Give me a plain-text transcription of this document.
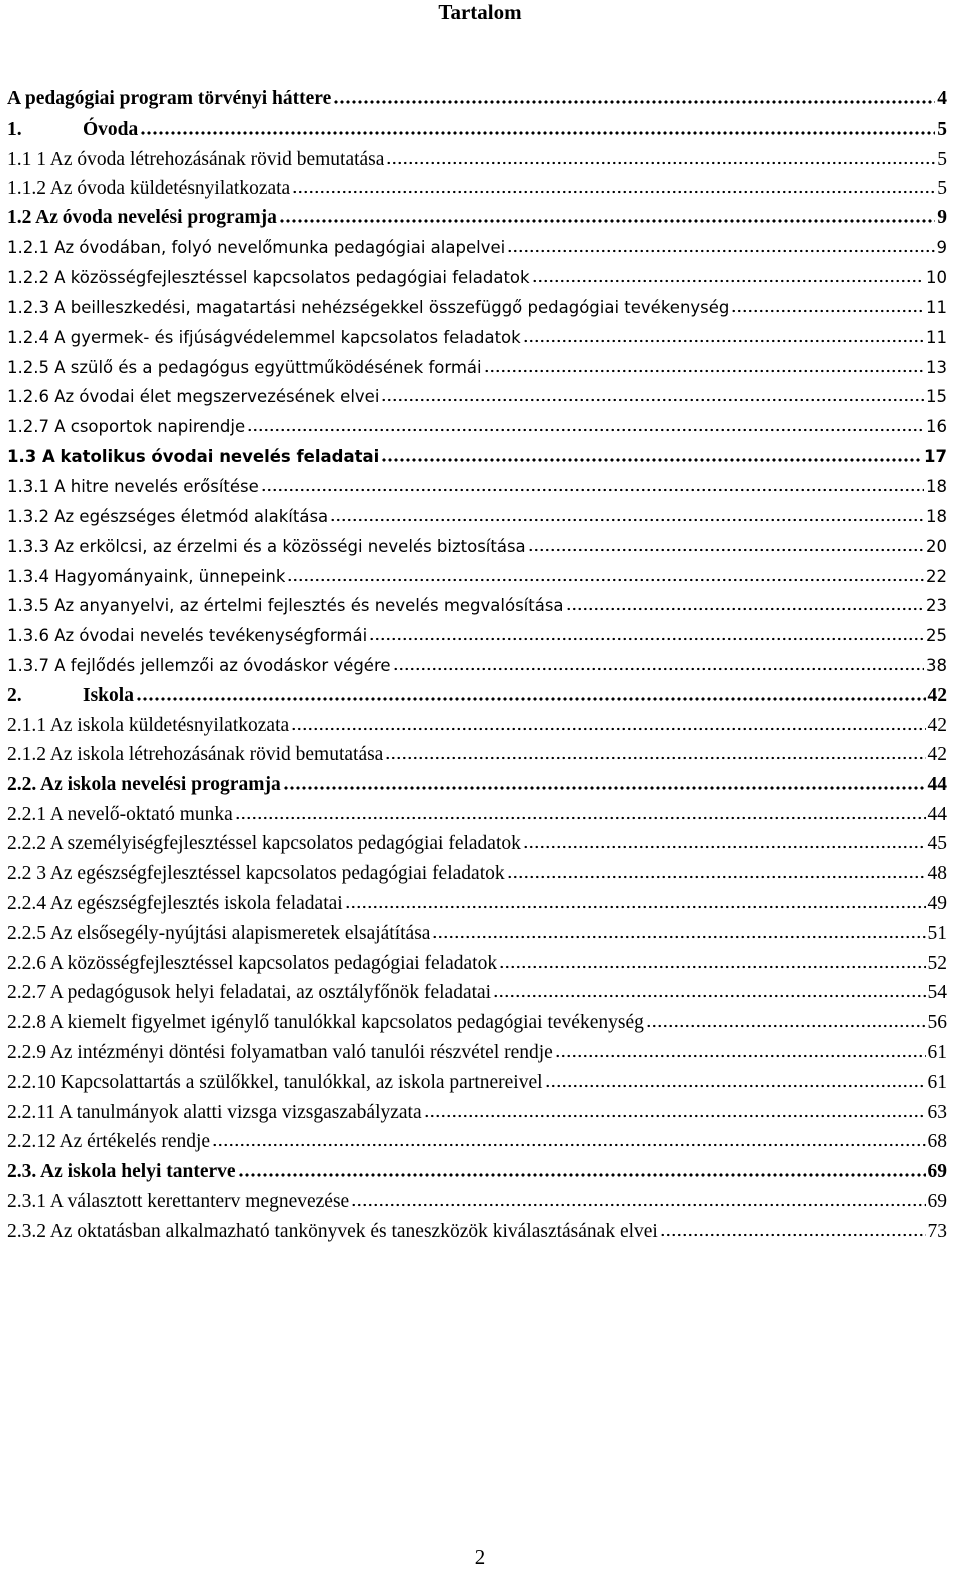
Tartalom
A pedagógiai program törvényi háttere	4
1.	Óvoda	5
1.1 1 Az óvoda létrehozásának rövid bemutatása	5
1.1.2 Az óvoda küldetésnyilatkozata	5
1.2 Az óvoda nevelési programja	9
1.2.1 Az óvodában, folyó nevelőmunka pedagógiai alapelvei	9
1.2.2 A közösségfejlesztéssel kapcsolatos pedagógiai feladatok	10
1.2.3 A beilleszkedési, magatartási nehézségekkel összefüggő pedagógiai tevékenység	11
1.2.4 A gyermek- és ifjúságvédelemmel kapcsolatos feladatok	11
1.2.5 A szülő és a pedagógus együttműködésének formái	13
1.2.6 Az óvodai élet megszervezésének elvei	15
1.2.7 A csoportok napirendje	16
1.3 A katolikus óvodai nevelés feladatai	17
1.3.1 A hitre nevelés erősítése	18
1.3.2 Az egészséges életmód alakítása	18
1.3.3 Az erkölcsi, az érzelmi és a közösségi nevelés biztosítása	20
1.3.4 Hagyományaink, ünnepeink	22
1.3.5 Az anyanyelvi, az értelmi fejlesztés és nevelés megvalósítása	23
1.3.6 Az óvodai nevelés tevékenységformái	25
1.3.7 A fejlődés jellemzői az óvodáskor végére	38
2.	Iskola	42
2.1.1 Az iskola küldetésnyilatkozata	42
2.1.2 Az iskola létrehozásának rövid bemutatása	42
2.2. Az iskola nevelési programja	44
2.2.1 A nevelő-oktató munka	44
2.2.2 A személyiségfejlesztéssel kapcsolatos pedagógiai feladatok	45
2.2 3 Az egészségfejlesztéssel kapcsolatos pedagógiai feladatok	48
2.2.4 Az egészségfejlesztés iskola feladatai	49
2.2.5 Az elsősegély-nyújtási alapismeretek elsajátítása	51
2.2.6 A közösségfejlesztéssel kapcsolatos pedagógiai feladatok	52
2.2.7 A pedagógusok helyi feladatai, az osztályfőnök feladatai	54
2.2.8 A kiemelt figyelmet igénylő tanulókkal kapcsolatos pedagógiai tevékenység	56
2.2.9 Az intézményi döntési folyamatban való tanulói részvétel rendje	61
2.2.10 Kapcsolattartás a szülőkkel, tanulókkal, az iskola partnereivel	61
2.2.11 A tanulmányok alatti vizsga vizsgaszabályzata	63
2.2.12 Az értékelés rendje	68
2.3. Az iskola helyi tanterve	69
2.3.1 A választott kerettanterv megnevezése	69
2.3.2 Az oktatásban alkalmazható tankönyvek és taneszközök kiválasztásának elvei	73
2
